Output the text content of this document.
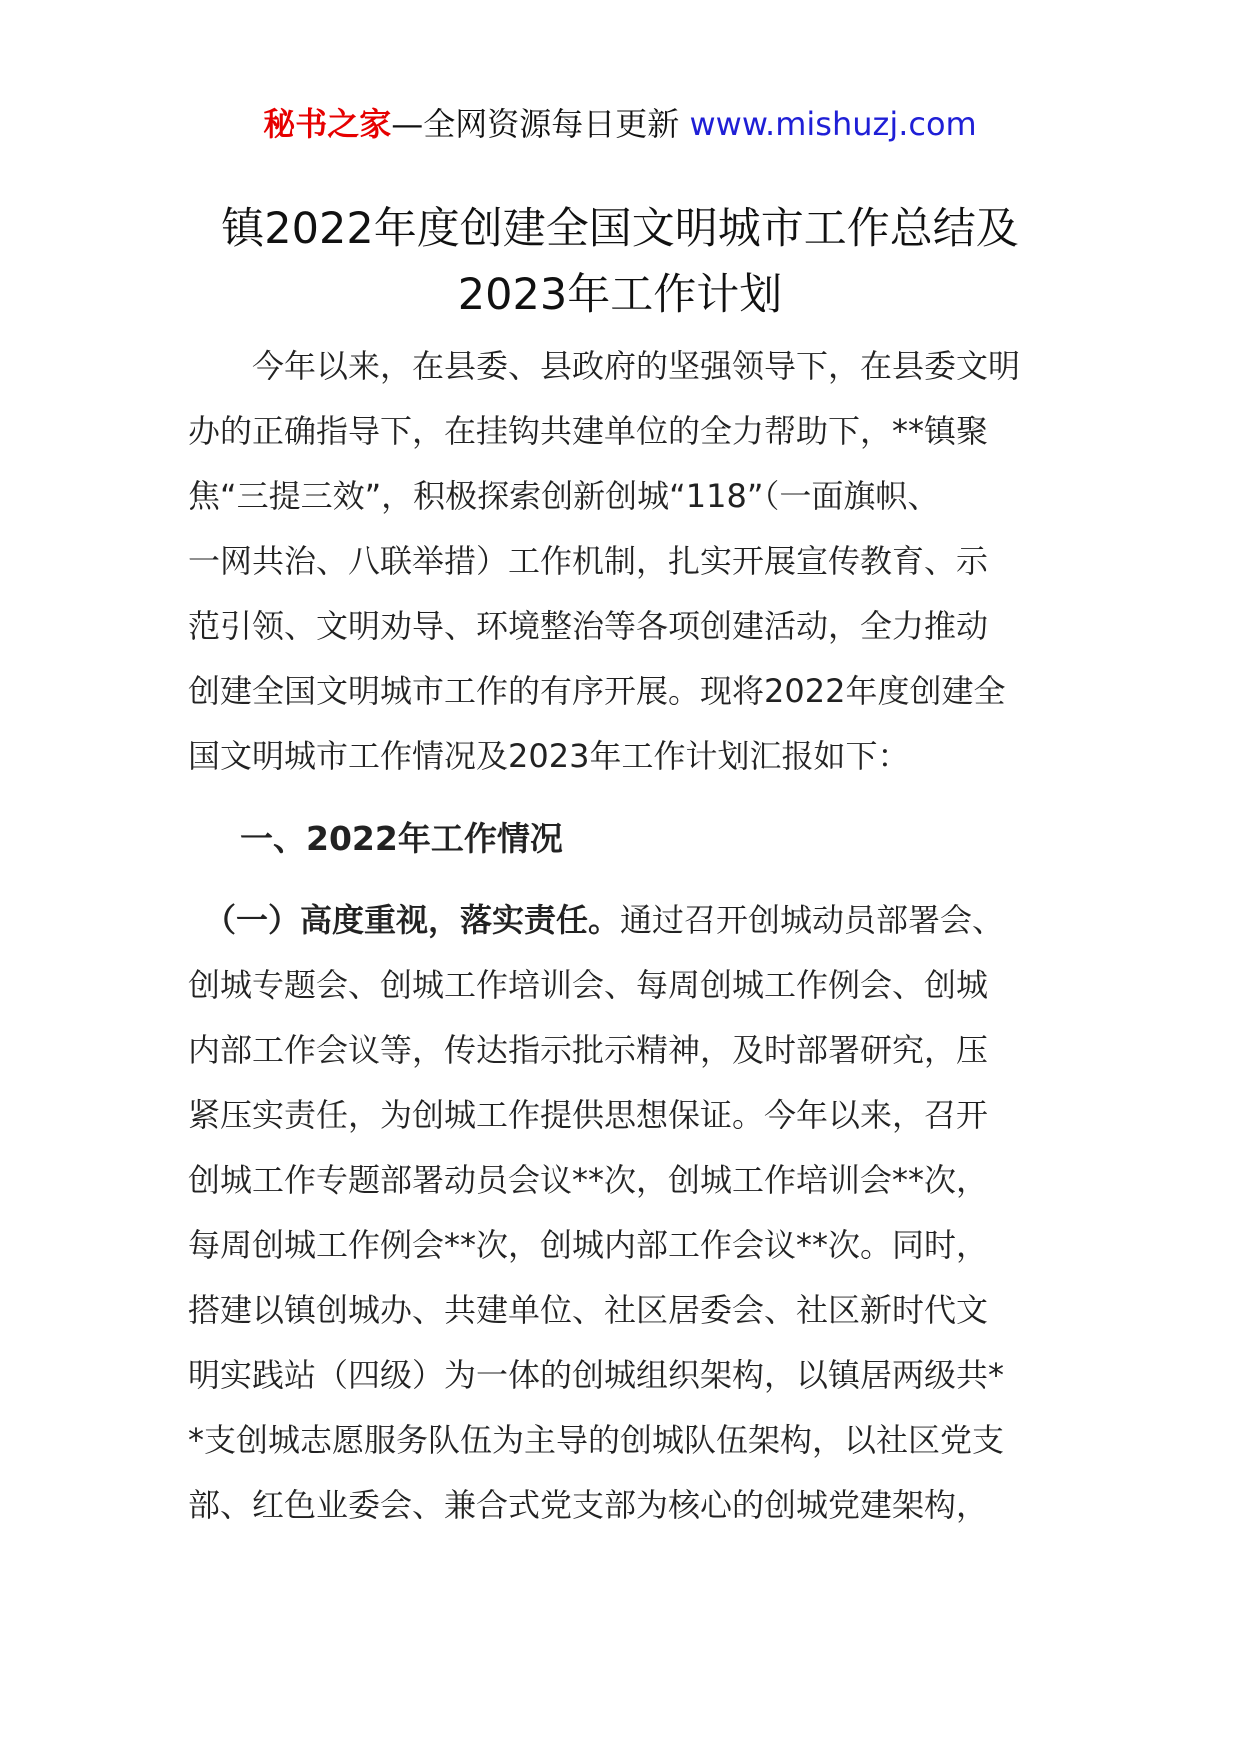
秘书之家—全网资源每日更新 www.mishuzj.com
镇2022年度创建全国文明城市工作总结及
2023年工作计划
　　今年以来，在县委、县政府的坚强领导下，在县委文明
办的正确指导下，在挂钩共建单位的全力帮助下，**镇聚
焦“三提三效”，积极探索创新创城“118”（一面旗帜、
一网共治、八联举措）工作机制，扎实开展宣传教育、示
范引领、文明劝导、环境整治等各项创建活动，全力推动
创建全国文明城市工作的有序开展。现将2022年度创建全
国文明城市工作情况及2023年工作计划汇报如下：
一、2022年工作情况
　（一）高度重视，落实责任。通过召开创城动员部署会、
创城专题会、创城工作培训会、每周创城工作例会、创城
内部工作会议等，传达指示批示精神，及时部署研究，压
紧压实责任，为创城工作提供思想保证。今年以来，召开
创城工作专题部署动员会议**次，创城工作培训会**次，
每周创城工作例会**次，创城内部工作会议**次。同时，
搭建以镇创城办、共建单位、社区居委会、社区新时代文
明实践站（四级）为一体的创城组织架构，以镇居两级共*
*支创城志愿服务队伍为主导的创城队伍架构，以社区党支
部、红色业委会、兼合式党支部为核心的创城党建架构，
